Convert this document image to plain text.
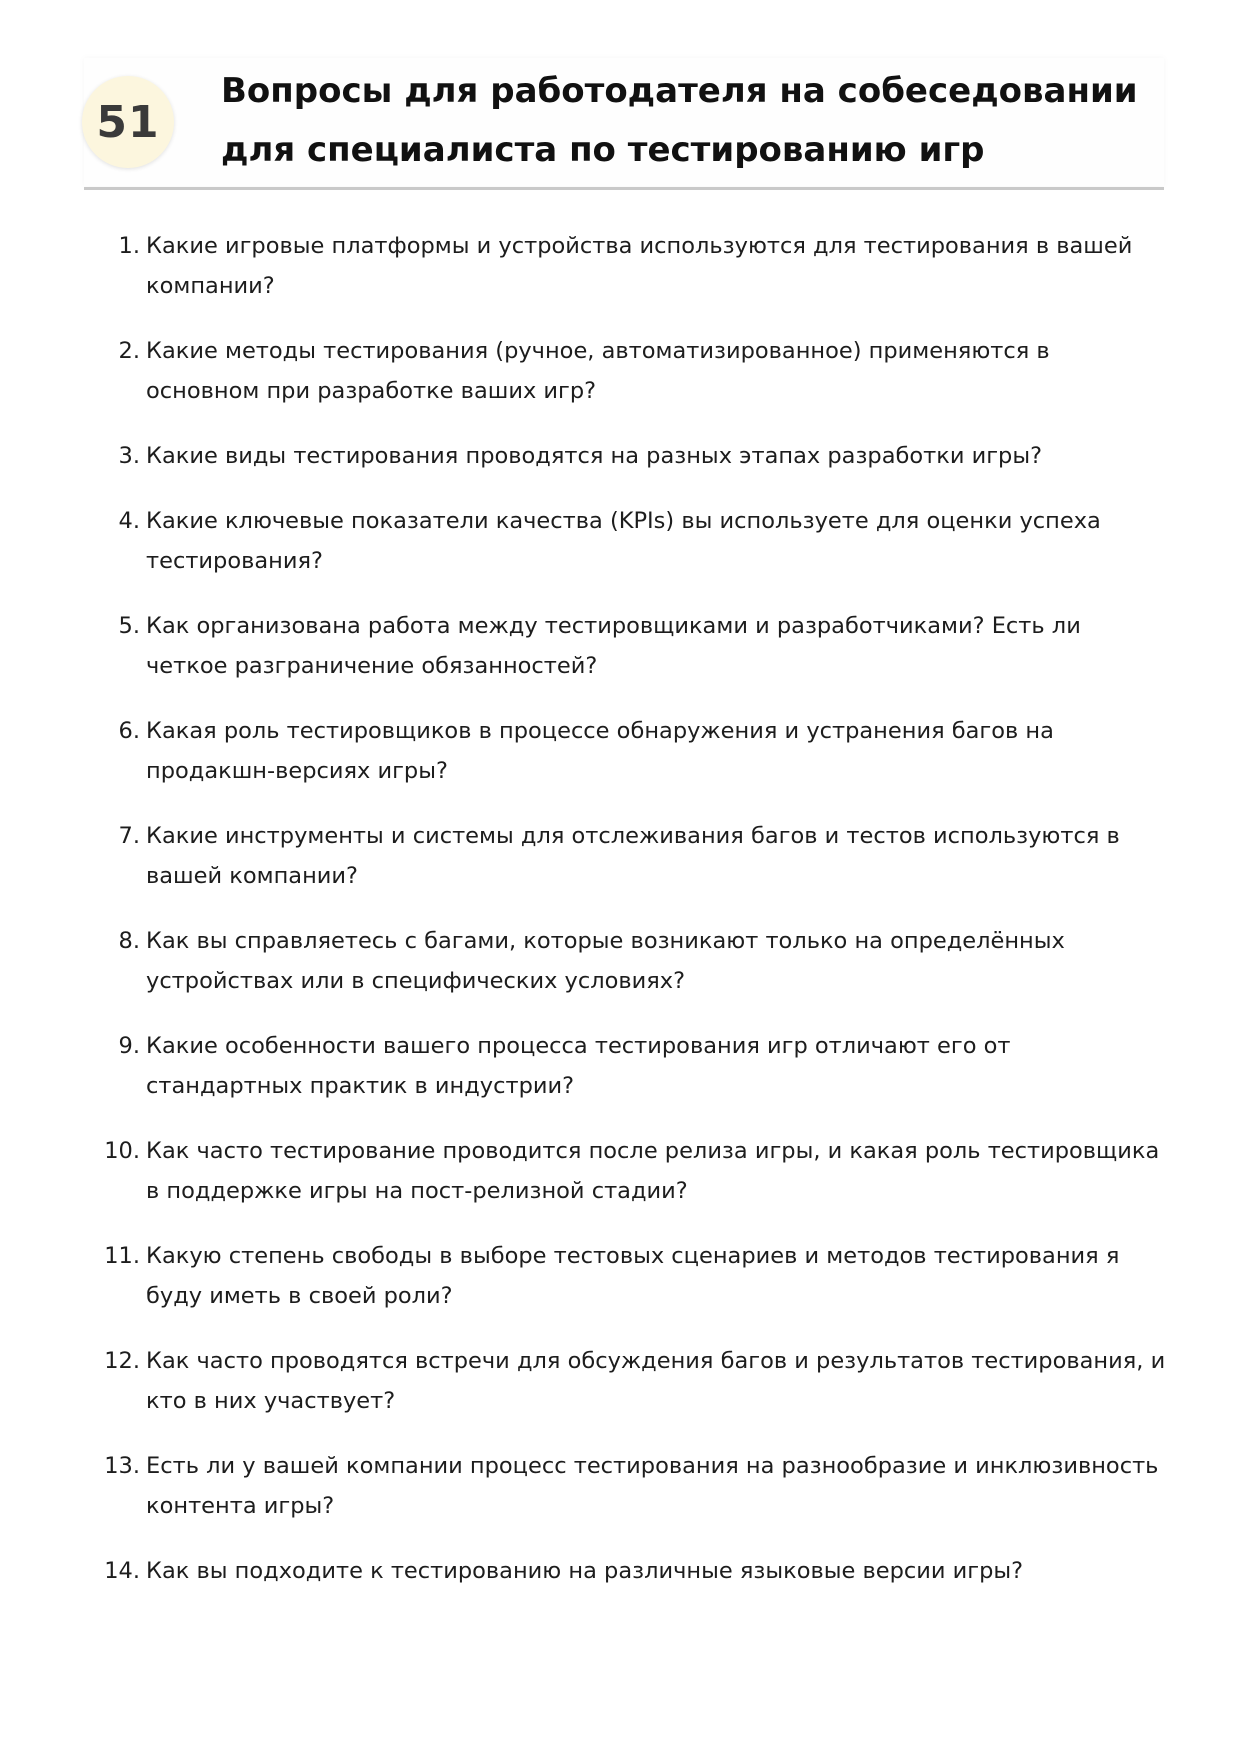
51
Вопросы для работодателя на собеседовании для специалиста по тестированию игр
1. Какие игровые платформы и устройства используются для тестирования в вашей компании?
2. Какие методы тестирования (ручное, автоматизированное) применяются в основном при разработке ваших игр?
3. Какие виды тестирования проводятся на разных этапах разработки игры?
4. Какие ключевые показатели качества (KPIs) вы используете для оценки успеха тестирования?
5. Как организована работа между тестировщиками и разработчиками? Есть ли четкое разграничение обязанностей?
6. Какая роль тестировщиков в процессе обнаружения и устранения багов на продакшн-версиях игры?
7. Какие инструменты и системы для отслеживания багов и тестов используются в вашей компании?
8. Как вы справляетесь с багами, которые возникают только на определённых устройствах или в специфических условиях?
9. Какие особенности вашего процесса тестирования игр отличают его от стандартных практик в индустрии?
10. Как часто тестирование проводится после релиза игры, и какая роль тестировщика в поддержке игры на пост-релизной стадии?
11. Какую степень свободы в выборе тестовых сценариев и методов тестирования я буду иметь в своей роли?
12. Как часто проводятся встречи для обсуждения багов и результатов тестирования, и кто в них участвует?
13. Есть ли у вашей компании процесс тестирования на разнообразие и инклюзивность контента игры?
14. Как вы подходите к тестированию на различные языковые версии игры?
